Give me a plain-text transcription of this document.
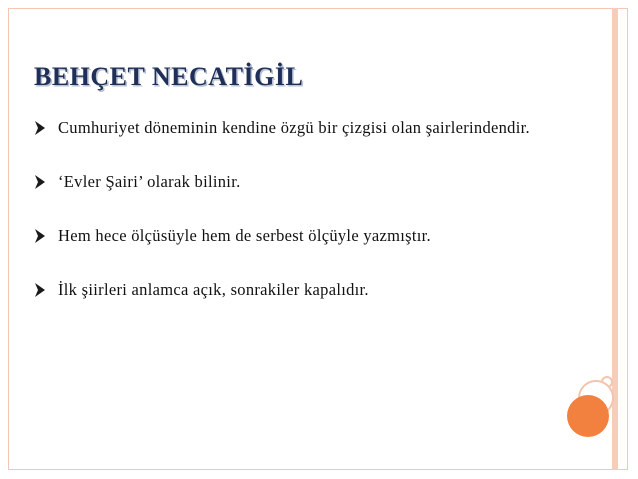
BEHÇET NECATİGİL
Cumhuriyet döneminin kendine özgü bir çizgisi olan şairlerindendir.
‘Evler Şairi’ olarak bilinir.
Hem hece ölçüsüyle hem de serbest ölçüyle yazmıştır.
İlk şiirleri anlamca açık, sonrakiler kapalıdır.
